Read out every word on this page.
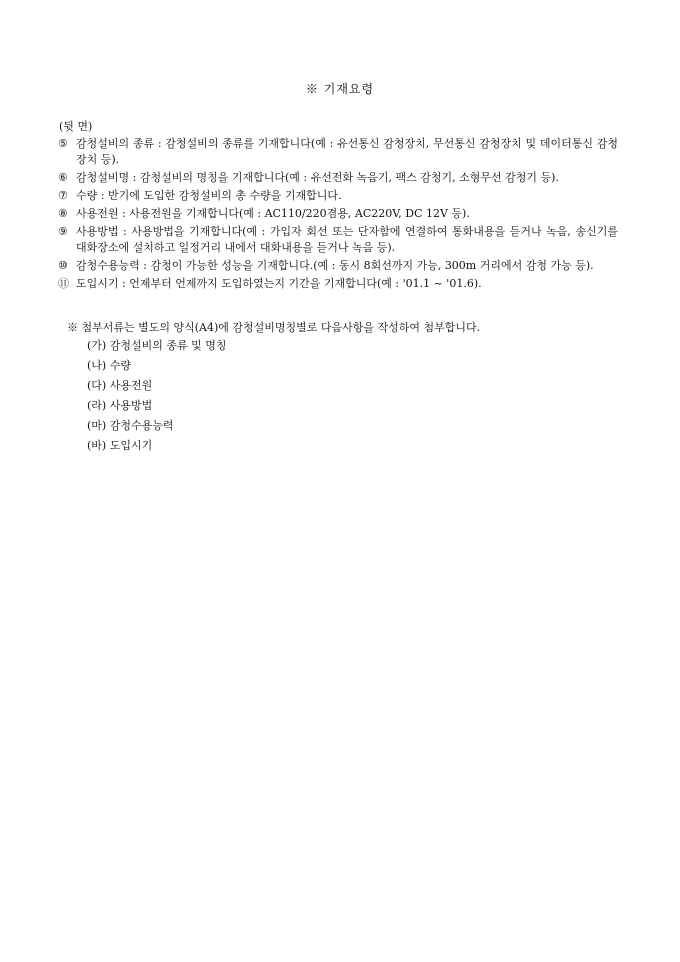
※ 기재요령
(뒷 면)
⑤ 감청설비의 종류 : 감청설비의 종류를 기재합니다(예 : 유선통신 감청장치, 무선통신 감청장치 및 데이터통신 감청장치 등).
⑥ 감청설비명 : 감청설비의 명칭을 기재합니다(예 : 유선전화 녹음기, 팩스 감청기, 소형무선 감청기 등).
⑦ 수량 : 반기에 도입한 감청설비의 총 수량을 기재합니다.
⑧ 사용전원 : 사용전원을 기재합니다(예 : AC110/220겸용, AC220V, DC 12V 등).
⑨ 사용방법 : 사용방법을 기재합니다(예 : 가입자 회선 또는 단자함에 연결하여 통화내용을 듣거나 녹음, 송신기를 대화장소에 설치하고 일정거리 내에서 대화내용을 듣거나 녹음 등).
⑩ 감청수용능력 : 감청이 가능한 성능을 기재합니다.(예 : 동시 8회선까지 가능, 300m 거리에서 감청 가능 등).
⑪ 도입시기 : 언제부터 언제까지 도입하였는지 기간을 기재합니다(예 : '01.1 ~ '01.6).
※ 첨부서류는 별도의 양식(A4)에 감청설비명칭별로 다음사항을 작성하여 첨부합니다.
(가) 감청설비의 종류 및 명칭
(나) 수량
(다) 사용전원
(라) 사용방법
(마) 감청수용능력
(바) 도입시기
